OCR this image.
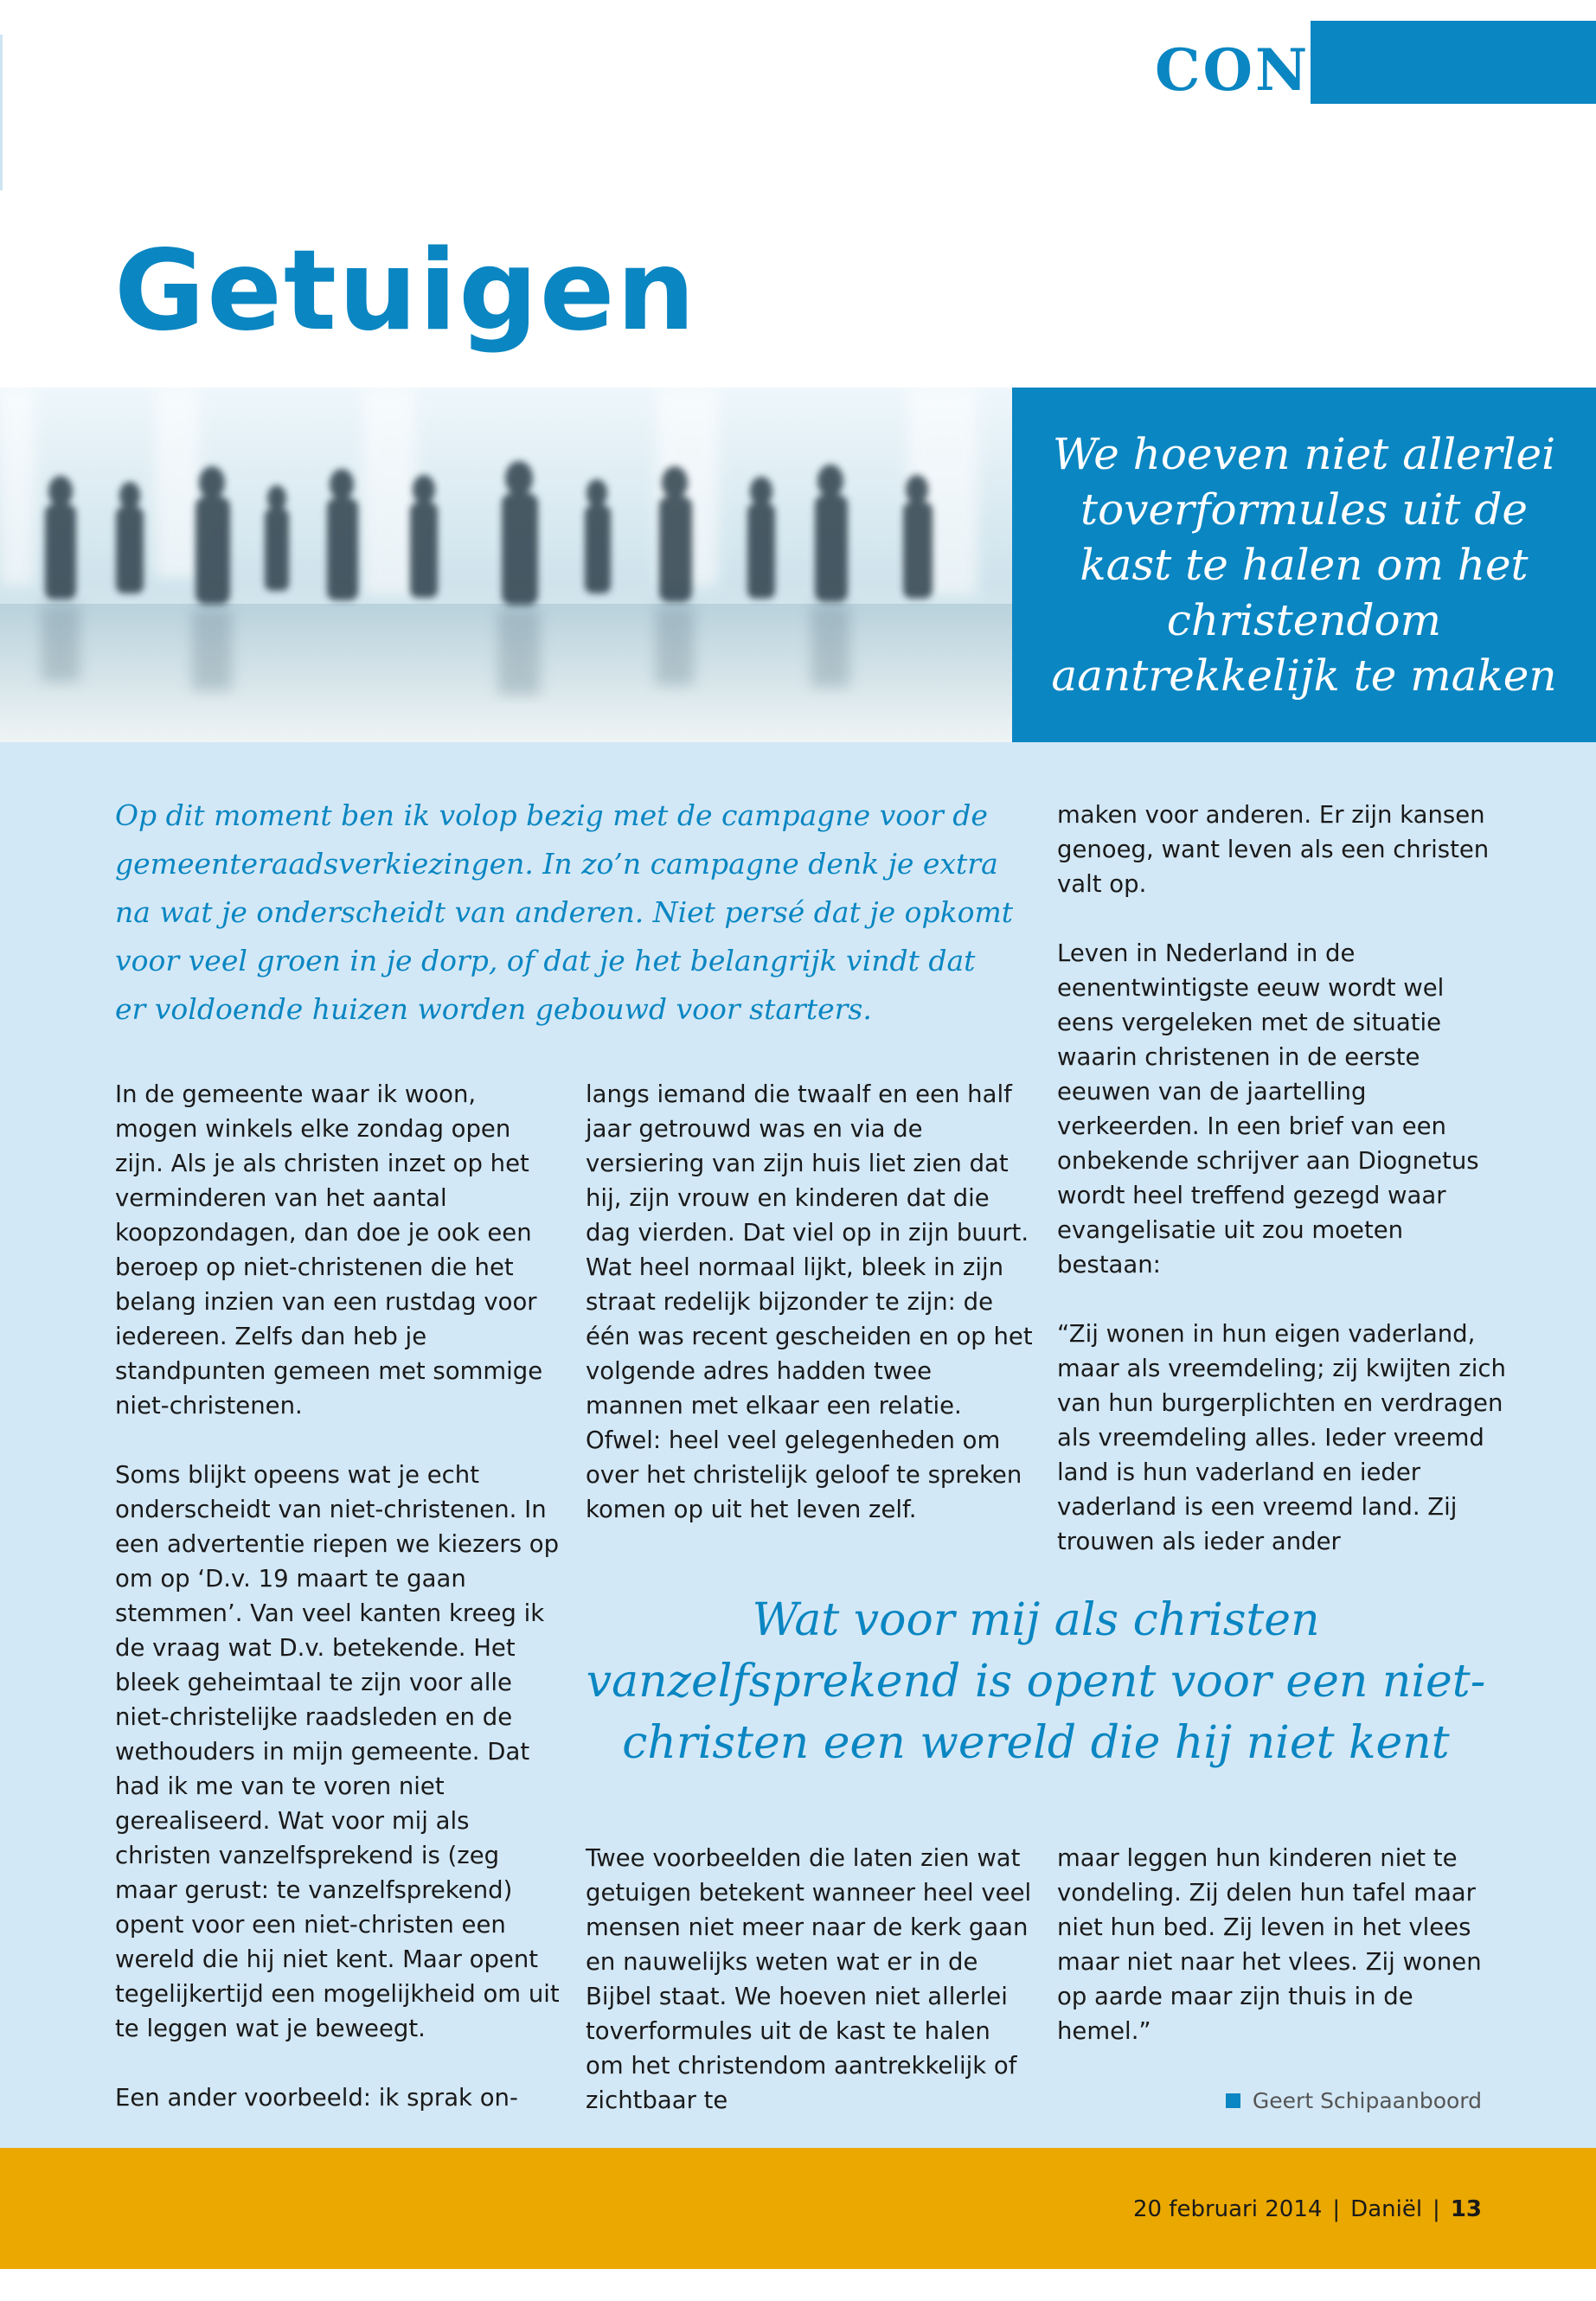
CONTRAST
Getuigen

We hoeven niet allerlei toverformules uit de kast te halen om het christendom aantrekkelijk te maken

Op dit moment ben ik volop bezig met de campagne voor de gemeenteraadsverkiezingen. In zo’n campagne denk je extra na wat je onderscheidt van anderen. Niet persé dat je opkomt voor veel groen in je dorp, of dat je het belangrijk vindt dat er voldoende huizen worden gebouwd voor starters.

In de gemeente waar ik woon, mogen winkels elke zondag open zijn. Als je als christen inzet op het verminderen van het aantal koopzondagen, dan doe je ook een beroep op niet-christenen die het belang inzien van een rustdag voor iedereen. Zelfs dan heb je standpunten gemeen met sommige niet-christenen.

Soms blijkt opeens wat je echt onderscheidt van niet-christenen. In een advertentie riepen we kiezers op om op ‘D.v. 19 maart te gaan stemmen’. Van veel kanten kreeg ik de vraag wat D.v. betekende. Het bleek geheimtaal te zijn voor alle niet-christelijke raadsleden en de wethouders in mijn gemeente. Dat had ik me van te voren niet gerealiseerd. Wat voor mij als christen vanzelfsprekend is (zeg maar gerust: te vanzelfsprekend) opent voor een niet-christen een wereld die hij niet kent. Maar opent tegelijkertijd een mogelijkheid om uit te leggen wat je beweegt.

Een ander voorbeeld: ik sprak on-

langs iemand die twaalf en een half jaar getrouwd was en via de versiering van zijn huis liet zien dat hij, zijn vrouw en kinderen dat die dag vierden. Dat viel op in zijn buurt. Wat heel normaal lijkt, bleek in zijn straat redelijk bijzonder te zijn: de één was recent gescheiden en op het volgende adres hadden twee mannen met elkaar een relatie. Ofwel: heel veel gelegenheden om over het christelijk geloof te spreken komen op uit het leven zelf.

maken voor anderen. Er zijn kansen genoeg, want leven als een christen valt op.

Leven in Nederland in de eenentwintigste eeuw wordt wel eens vergeleken met de situatie waarin christenen in de eerste eeuwen van de jaartelling verkeerden. In een brief van een onbekende schrijver aan Diognetus wordt heel treffend gezegd waar evangelisatie uit zou moeten bestaan:

“Zij wonen in hun eigen vaderland, maar als vreemdeling; zij kwijten zich van hun burgerplichten en verdragen als vreemdeling alles. Ieder vreemd land is hun vaderland en ieder vaderland is een vreemd land. Zij trouwen als ieder ander

Wat voor mij als christen vanzelfsprekend is opent voor een niet-christen een wereld die hij niet kent

Twee voorbeelden die laten zien wat getuigen betekent wanneer heel veel mensen niet meer naar de kerk gaan en nauwelijks weten wat er in de Bijbel staat. We hoeven niet allerlei toverformules uit de kast te halen om het christendom aantrekkelijk of zichtbaar te

maar leggen hun kinderen niet te vondeling. Zij delen hun tafel maar niet hun bed. Zij leven in het vlees maar niet naar het vlees. Zij wonen op aarde maar zijn thuis in de hemel.”

Geert Schipaanboord
20 februari 2014 | Daniël | 13
